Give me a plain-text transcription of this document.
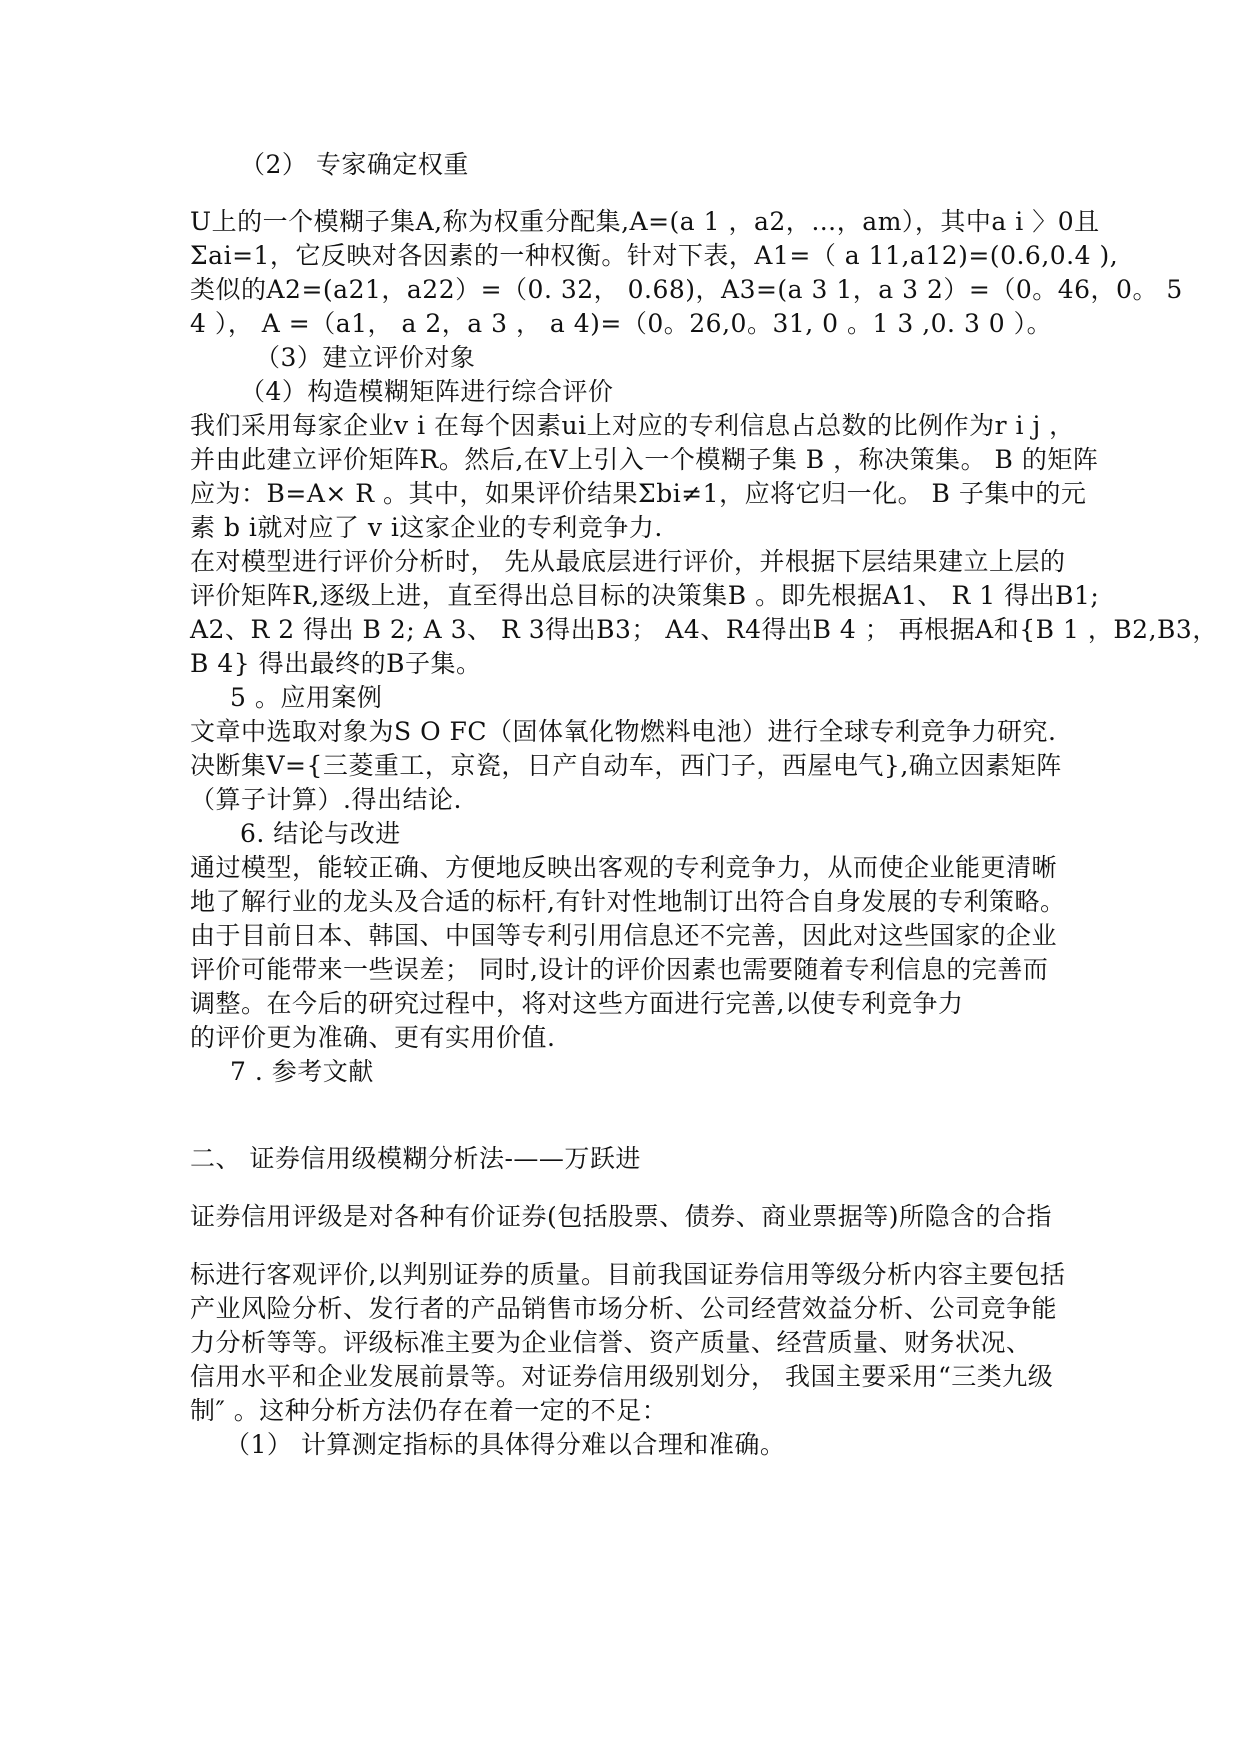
（2） 专家确定权重
U上的一个模糊子集A,称为权重分配集,A=(a 1 ，a2，…，am），其中a i 〉0且
Σai=1，它反映对各因素的一种权衡。针对下表，A1=（ a 11,a12)=(0.6,0.4 ),
类似的A2=(a21，a22）=（0. 32， 0.68)，A3=(a 3 1，a 3 2）=（0。46，0。 5
4 ）， A =（a1， a 2，a 3 ， a 4)=（0。26,0。31, 0 。1 3 ,0. 3 0 ）。
（3）建立评价对象
（4）构造模糊矩阵进行综合评价
我们采用每家企业v i 在每个因素ui上对应的专利信息占总数的比例作为r i j ，
并由此建立评价矩阵R。然后,在V上引入一个模糊子集 B ，称决策集。 B 的矩阵
应为：B=A× R 。其中，如果评价结果Σbi≠1，应将它归一化。 B 子集中的元
素 b i就对应了 v i这家企业的专利竞争力.
在对模型进行评价分析时， 先从最底层进行评价，并根据下层结果建立上层的
评价矩阵R,逐级上进，直至得出总目标的决策集B 。即先根据A1、 R 1 得出B1;
A2、R 2 得出 B 2; A 3、 R 3得出B3； A4、R4得出B 4 ； 再根据A和{B 1 ，B2,B3，
B 4} 得出最终的B子集。
5 。应用案例
文章中选取对象为S O FC（固体氧化物燃料电池）进行全球专利竞争力研究.
决断集V={三菱重工，京瓷，日产自动车，西门子，西屋电气},确立因素矩阵
（算子计算）.得出结论.
6. 结论与改进
通过模型，能较正确、方便地反映出客观的专利竞争力，从而使企业能更清晰
地了解行业的龙头及合适的标杆,有针对性地制订出符合自身发展的专利策略。
由于目前日本、韩国、中国等专利引用信息还不完善，因此对这些国家的企业
评价可能带来一些误差； 同时,设计的评价因素也需要随着专利信息的完善而
调整。在今后的研究过程中，将对这些方面进行完善,以使专利竞争力
的评价更为准确、更有实用价值.
7 . 参考文献
二、 证券信用级模糊分析法-——万跃进
证券信用评级是对各种有价证券(包括股票、债券、商业票据等)所隐含的合指
标进行客观评价,以判别证券的质量。目前我国证券信用等级分析内容主要包括
产业风险分析、发行者的产品销售市场分析、公司经营效益分析、公司竞争能
力分析等等。评级标准主要为企业信誉、资产质量、经营质量、财务状况、
信用水平和企业发展前景等。对证券信用级别划分， 我国主要采用“三类九级
制″ 。这种分析方法仍存在着一定的不足：
（1） 计算测定指标的具体得分难以合理和准确。
